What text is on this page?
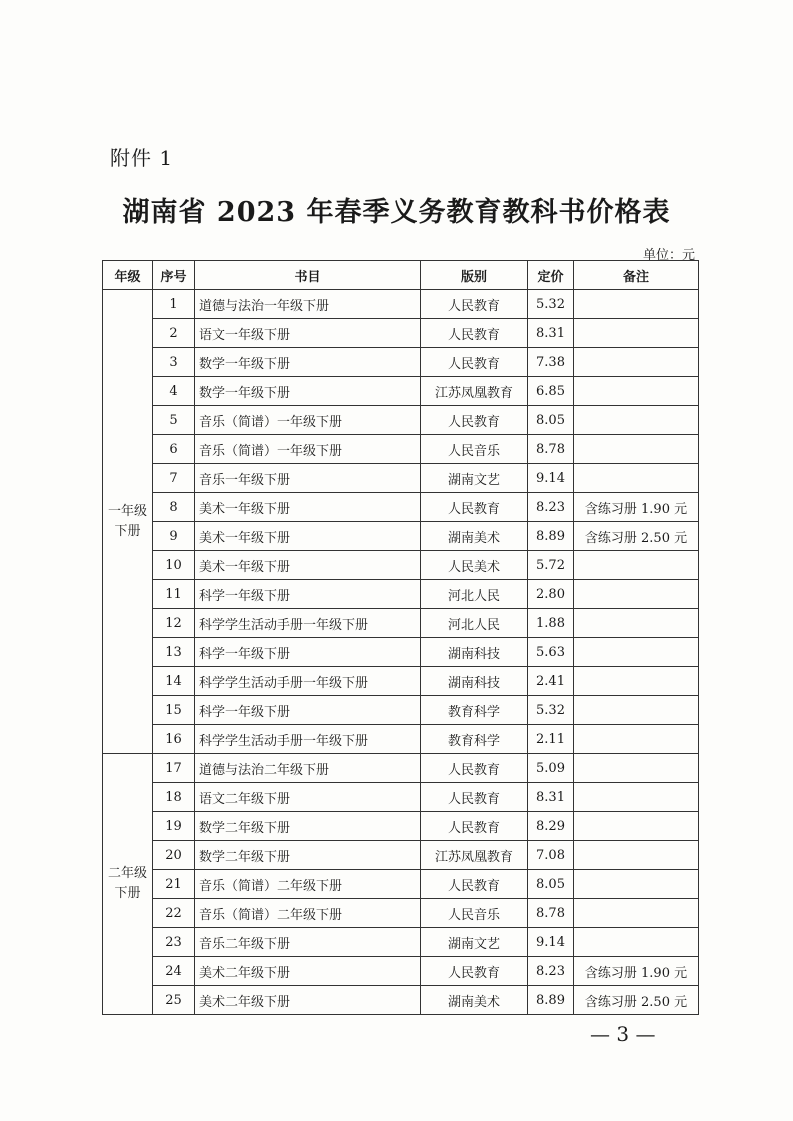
附件 1
湖南省 2023 年春季义务教育教科书价格表
单位：元
年级	序号	书目	版别	定价	备注

一年级
下册	1	道德与法治一年级下册	人民教育	5.32	
	2	语文一年级下册	人民教育	8.31	
	3	数学一年级下册	人民教育	7.38	
	4	数学一年级下册	江苏凤凰教育	6.85	
	5	音乐（简谱）一年级下册	人民教育	8.05	
	6	音乐（简谱）一年级下册	人民音乐	8.78	
	7	音乐一年级下册	湖南文艺	9.14	
	8	美术一年级下册	人民教育	8.23	含练习册 1.90 元
	9	美术一年级下册	湖南美术	8.89	含练习册 2.50 元
	10	美术一年级下册	人民美术	5.72	
	11	科学一年级下册	河北人民	2.80	
	12	科学学生活动手册一年级下册	河北人民	1.88	
	13	科学一年级下册	湖南科技	5.63	
	14	科学学生活动手册一年级下册	湖南科技	2.41	
	15	科学一年级下册	教育科学	5.32	
	16	科学学生活动手册一年级下册	教育科学	2.11	

二年级
下册	17	道德与法治二年级下册	人民教育	5.09	
	18	语文二年级下册	人民教育	8.31	
	19	数学二年级下册	人民教育	8.29	
	20	数学二年级下册	江苏凤凰教育	7.08	
	21	音乐（简谱）二年级下册	人民教育	8.05	
	22	音乐（简谱）二年级下册	人民音乐	8.78	
	23	音乐二年级下册	湖南文艺	9.14	
	24	美术二年级下册	人民教育	8.23	含练习册 1.90 元
	25	美术二年级下册	湖南美术	8.89	含练习册 2.50 元
— 3 —
